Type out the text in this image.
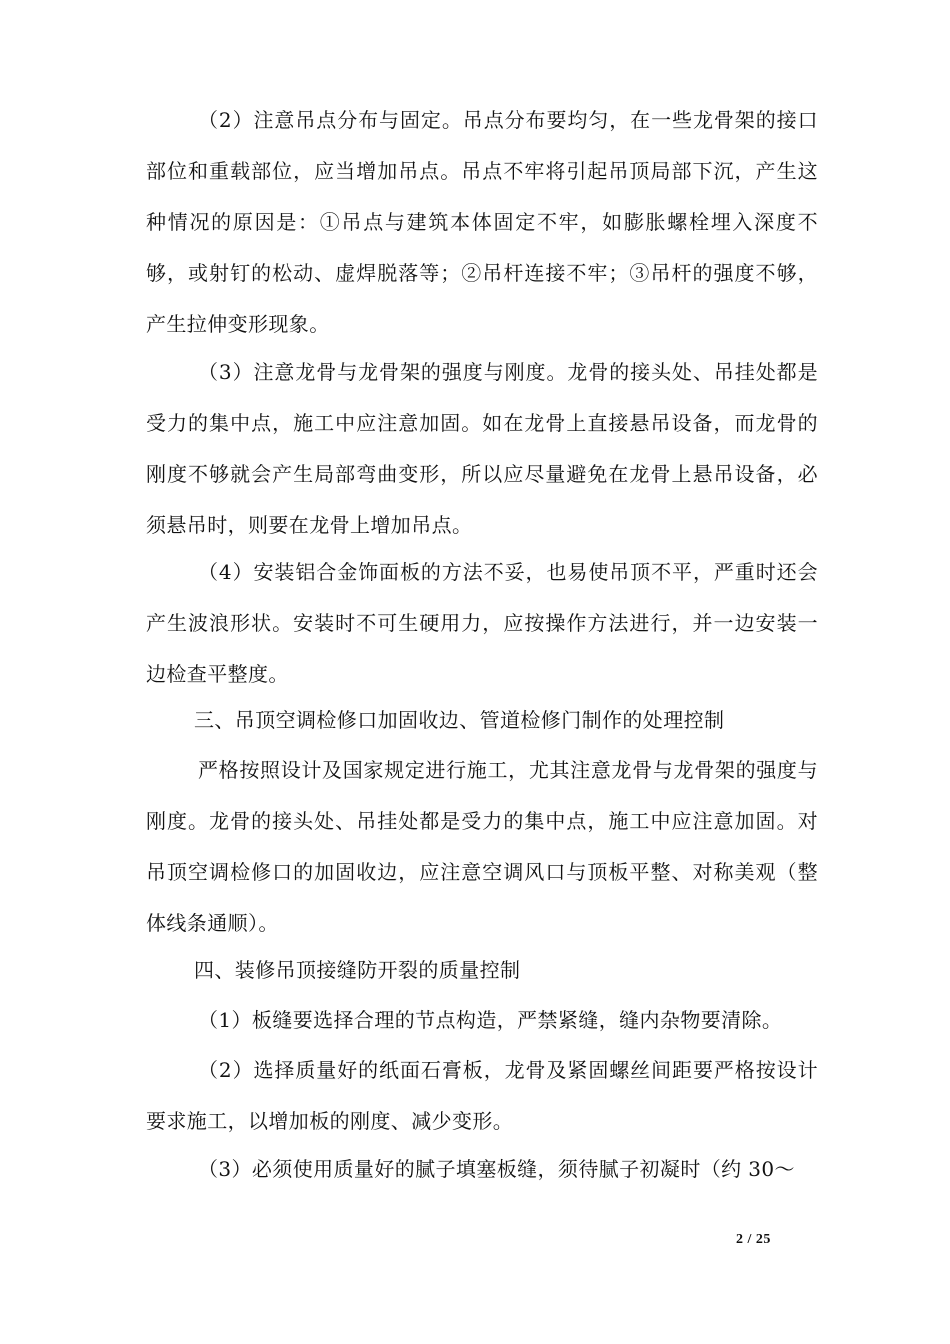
（2）注意吊点分布与固定。吊点分布要均匀，在一些龙骨架的接口部位和重载部位，应当增加吊点。吊点不牢将引起吊顶局部下沉，产生这种情况的原因是：①吊点与建筑本体固定不牢，如膨胀螺栓埋入深度不够，或射钉的松动、虚焊脱落等；②吊杆连接不牢；③吊杆的强度不够，产生拉伸变形现象。

（3）注意龙骨与龙骨架的强度与刚度。龙骨的接头处、吊挂处都是受力的集中点，施工中应注意加固。如在龙骨上直接悬吊设备，而龙骨的刚度不够就会产生局部弯曲变形，所以应尽量避免在龙骨上悬吊设备，必须悬吊时，则要在龙骨上增加吊点。

（4）安装铝合金饰面板的方法不妥，也易使吊顶不平，严重时还会产生波浪形状。安装时不可生硬用力，应按操作方法进行，并一边安装一边检查平整度。

三、吊顶空调检修口加固收边、管道检修门制作的处理控制

严格按照设计及国家规定进行施工，尤其注意龙骨与龙骨架的强度与刚度。龙骨的接头处、吊挂处都是受力的集中点，施工中应注意加固。对吊顶空调检修口的加固收边，应注意空调风口与顶板平整、对称美观（整体线条通顺）。

四、装修吊顶接缝防开裂的质量控制

（1）板缝要选择合理的节点构造，严禁紧缝，缝内杂物要清除。

（2）选择质量好的纸面石膏板，龙骨及紧固螺丝间距要严格按设计要求施工，以增加板的刚度、减少变形。

（3）必须使用质量好的腻子填塞板缝，须待腻子初凝时（约 30～

2 / 25
